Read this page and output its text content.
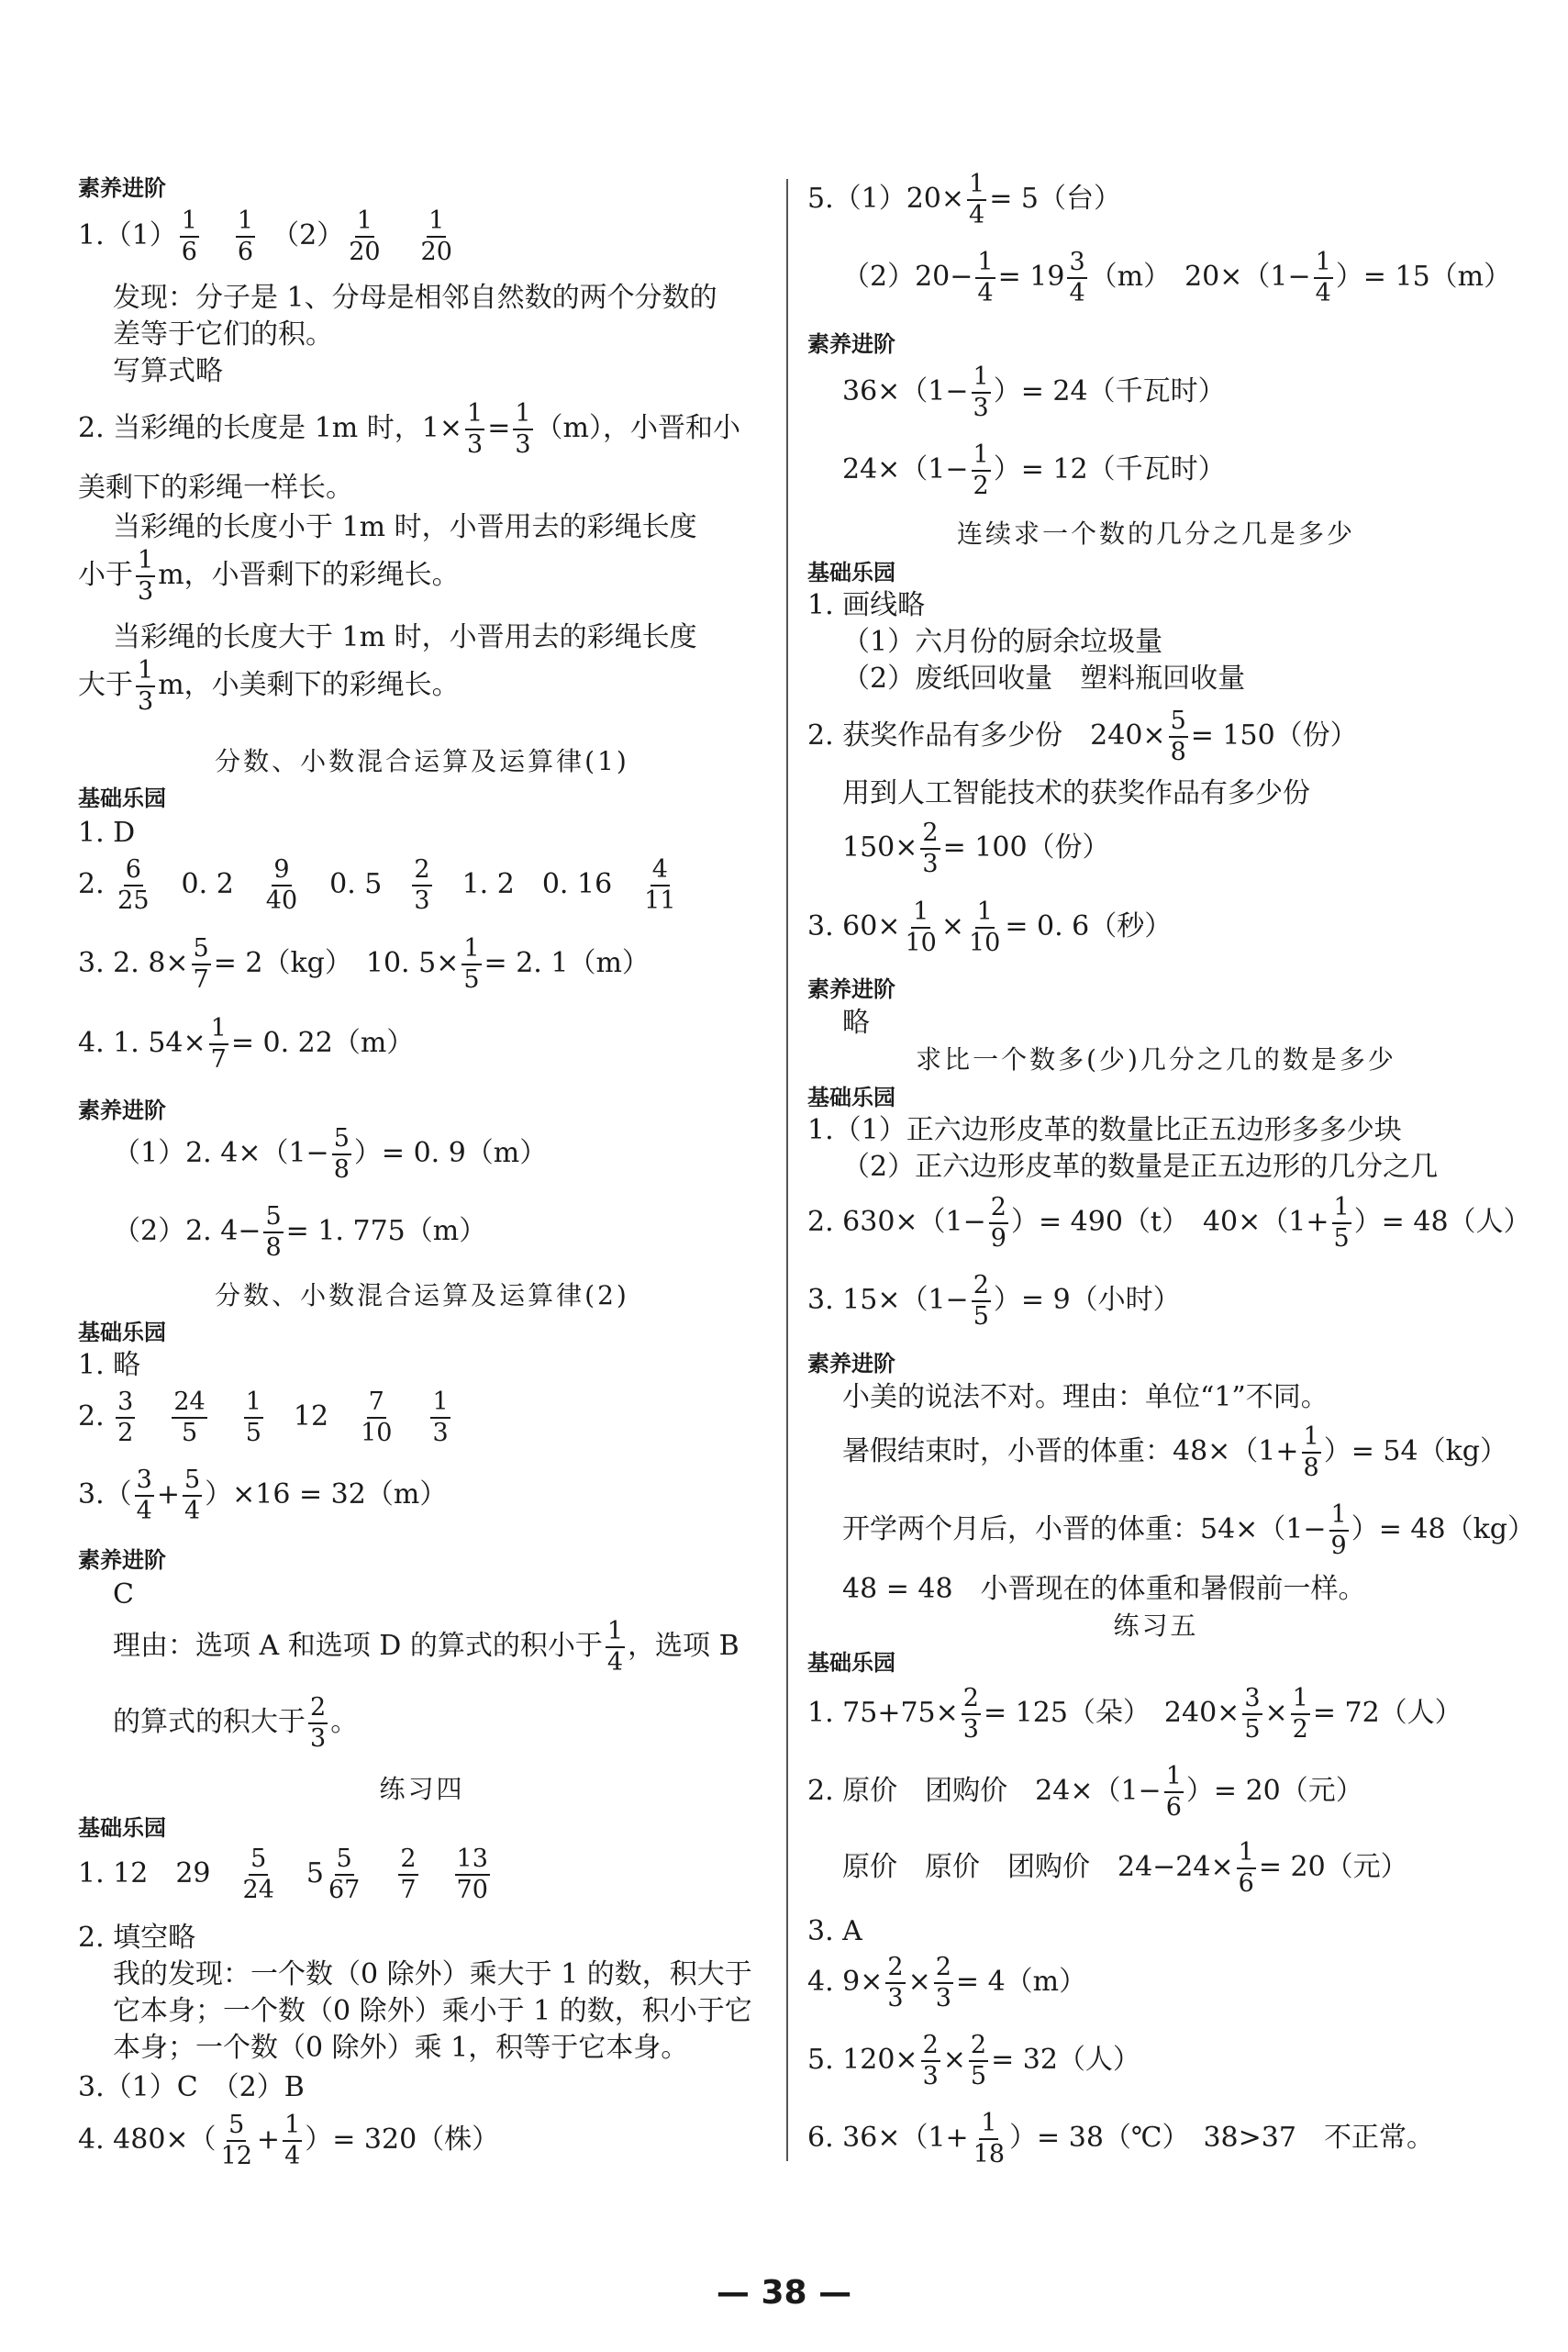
素养进阶
$1.(1) \frac{1}{6} \frac{1}{6}$ 　$(2) \frac{1}{20} \frac{1}{20}$
发现：分子是 1、分母是相邻自然数的两个分数的
差等于它们的积。
写算式略
2. 当彩绳的长度是 1m 时，$1\times \frac{1}{3} = \frac{1}{3} (m)$，小晋和小
美剩下的彩绳一样长。
当彩绳的长度小于 1m 时，小晋用去的彩绳长度
小于 $\frac{1}{3}$ m，小晋剩下的彩绳长。
当彩绳的长度大于 1m 时，小晋用去的彩绳长度
大于 $\frac{1}{3}$ m，小美剩下的彩绳长。
分数、小数混合运算及运算律(1)
基础乐园
1. D
2. $\frac{6}{25}$ 　0. 2　 $\frac{9}{40}$ 　0. 5　 $\frac{2}{3}$ 　1. 2　0. 16　 $\frac{4}{11}$
3. 2. $8\times \frac{5}{7} = 2(kg)$　10. $5\times \frac{1}{5} = 2$. 1（m）
4. 1. $54\times \frac{1}{7} = 0$. 22（m）
素养进阶
（1）2. $4\times(1- \frac{5}{8}$ ）= 0. 9（m）
（2）2. $4- \frac{5}{8} = 1$. 775（m）
分数、小数混合运算及运算律(2)
基础乐园
1. 略
2. $\frac{3}{2} \frac{24}{5} \frac{1}{5}$ 　12　 $\frac{7}{10} \frac{1}{3}$
$3.( \frac{3}{4} + \frac{5}{4} )\times 16 = 32(m)$
素养进阶
C
理由：选项 A 和选项 D 的算式的积小于 $\frac{1}{4}$ ，选项 B
的算式的积大于 $\frac{2}{3}$ 。
练习四
基础乐园
1. 12　29　 $\frac{5}{24}$ 　$5 \frac{5}{67} \frac{2}{7} \frac{13}{70}$
2. 填空略
我的发现：一个数（0 除外）乘大于 1 的数，积大于
它本身；一个数（0 除外）乘小于 1 的数，积小于它
本身；一个数（0 除外）乘 1，积等于它本身。
3.（1）C　（2）B
4. $480\times( \frac{5}{12} + \frac{1}{4}$ ）= 320（株）
$5.(1)20\times \frac{1}{4} = 5$（台）
$(2)20- \frac{1}{4} = 19 \frac{3}{4} (m)$　$20\times(1- \frac{1}{4}$ ）= 15（m）
素养进阶
$36\times(1- \frac{1}{3}$ ）= 24（千瓦时）
$24\times(1- \frac{1}{2}$ ）= 12（千瓦时）
连续求一个数的几分之几是多少
基础乐园
1. 画线略
（1）六月份的厨余垃圾量
（2）废纸回收量　塑料瓶回收量
2. 获奖作品有多少份　$240\times \frac{5}{8} = 150$（份）
用到人工智能技术的获奖作品有多少份
$150\times \frac{2}{3} = 100$（份）
3. $60\times \frac{1}{10} \times \frac{1}{10} = 0$. 6（秒）
素养进阶
略
求比一个数多(少)几分之几的数是多少
基础乐园
1.（1）正六边形皮革的数量比正五边形多多少块
（2）正六边形皮革的数量是正五边形的几分之几
2. $630\times(1- \frac{2}{9}$ ）= 490（t）　$40\times(1+ \frac{1}{5}$ ）= 48（人）
3. $15\times(1- \frac{2}{5}$ ）= 9（小时）
素养进阶
小美的说法不对。理由：单位“1”不同。
暑假结束时，小晋的体重：$48\times(1+ \frac{1}{8}$ ）= 54（kg）
开学两个月后，小晋的体重：$54\times(1- \frac{1}{9}$ ）= 48（kg）
48 = 48　小晋现在的体重和暑假前一样。
练习五
基础乐园
1. $75+75\times \frac{2}{3} = 125$（朵）　$240\times \frac{3}{5} \times \frac{1}{2} = 72$（人）
2. 原价　团购价　$24\times(1- \frac{1}{6}$ ）= 20（元）
原价　原价　团购价　$24-24\times \frac{1}{6} = 20$（元）
3. A
4. $9\times \frac{2}{3} \times \frac{2}{3} = 4(m)$
5. $120\times \frac{2}{3} \times \frac{2}{5} = 32$（人）
6. $36\times(1+ \frac{1}{18}$ ）= 38（℃）　38>37　不正常。
— 38 —
